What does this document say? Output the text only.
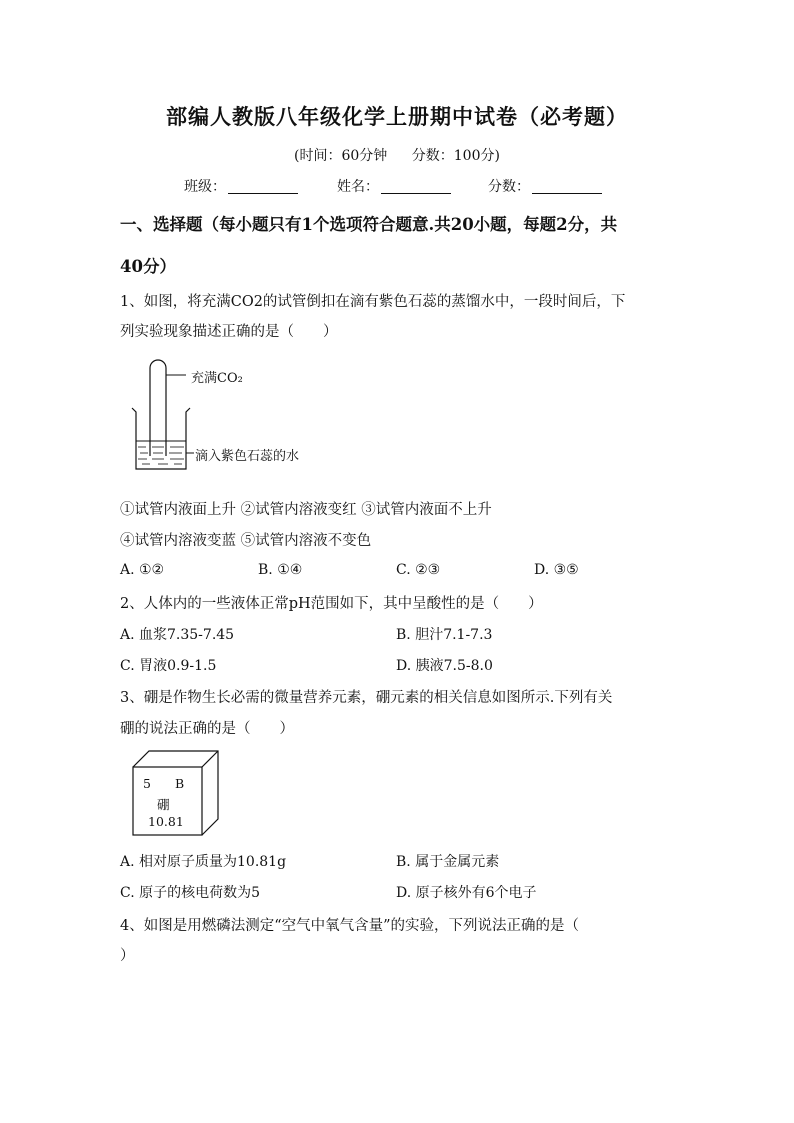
部编人教版八年级化学上册期中试卷（必考题）
(时间：60分钟 分数：100分)
班级：	姓名：	分数：
一、选择题（每小题只有1个选项符合题意.共20小题，每题2分，共
40分）
1、如图，将充满CO2的试管倒扣在滴有紫色石蕊的蒸馏水中，一段时间后，下
列实验现象描述正确的是（　　）
充满CO₂
滴入紫色石蕊的水
①试管内液面上升 ②试管内溶液变红 ③试管内液面不上升
④试管内溶液变蓝 ⑤试管内溶液不变色
A. ①②	B. ①④	C. ②③	D. ③⑤
2、人体内的一些液体正常pH范围如下，其中呈酸性的是（　　）
A. 血浆7.35-7.45	B. 胆汁7.1-7.3
C. 胃液0.9-1.5	D. 胰液7.5-8.0
3、硼是作物生长必需的微量营养元素，硼元素的相关信息如图所示.下列有关
硼的说法正确的是（　　）
5 B
硼
10.81
A. 相对原子质量为10.81g	B. 属于金属元素
C. 原子的核电荷数为5	D. 原子核外有6个电子
4、如图是用燃磷法测定“空气中氧气含量”的实验，下列说法正确的是（
）
